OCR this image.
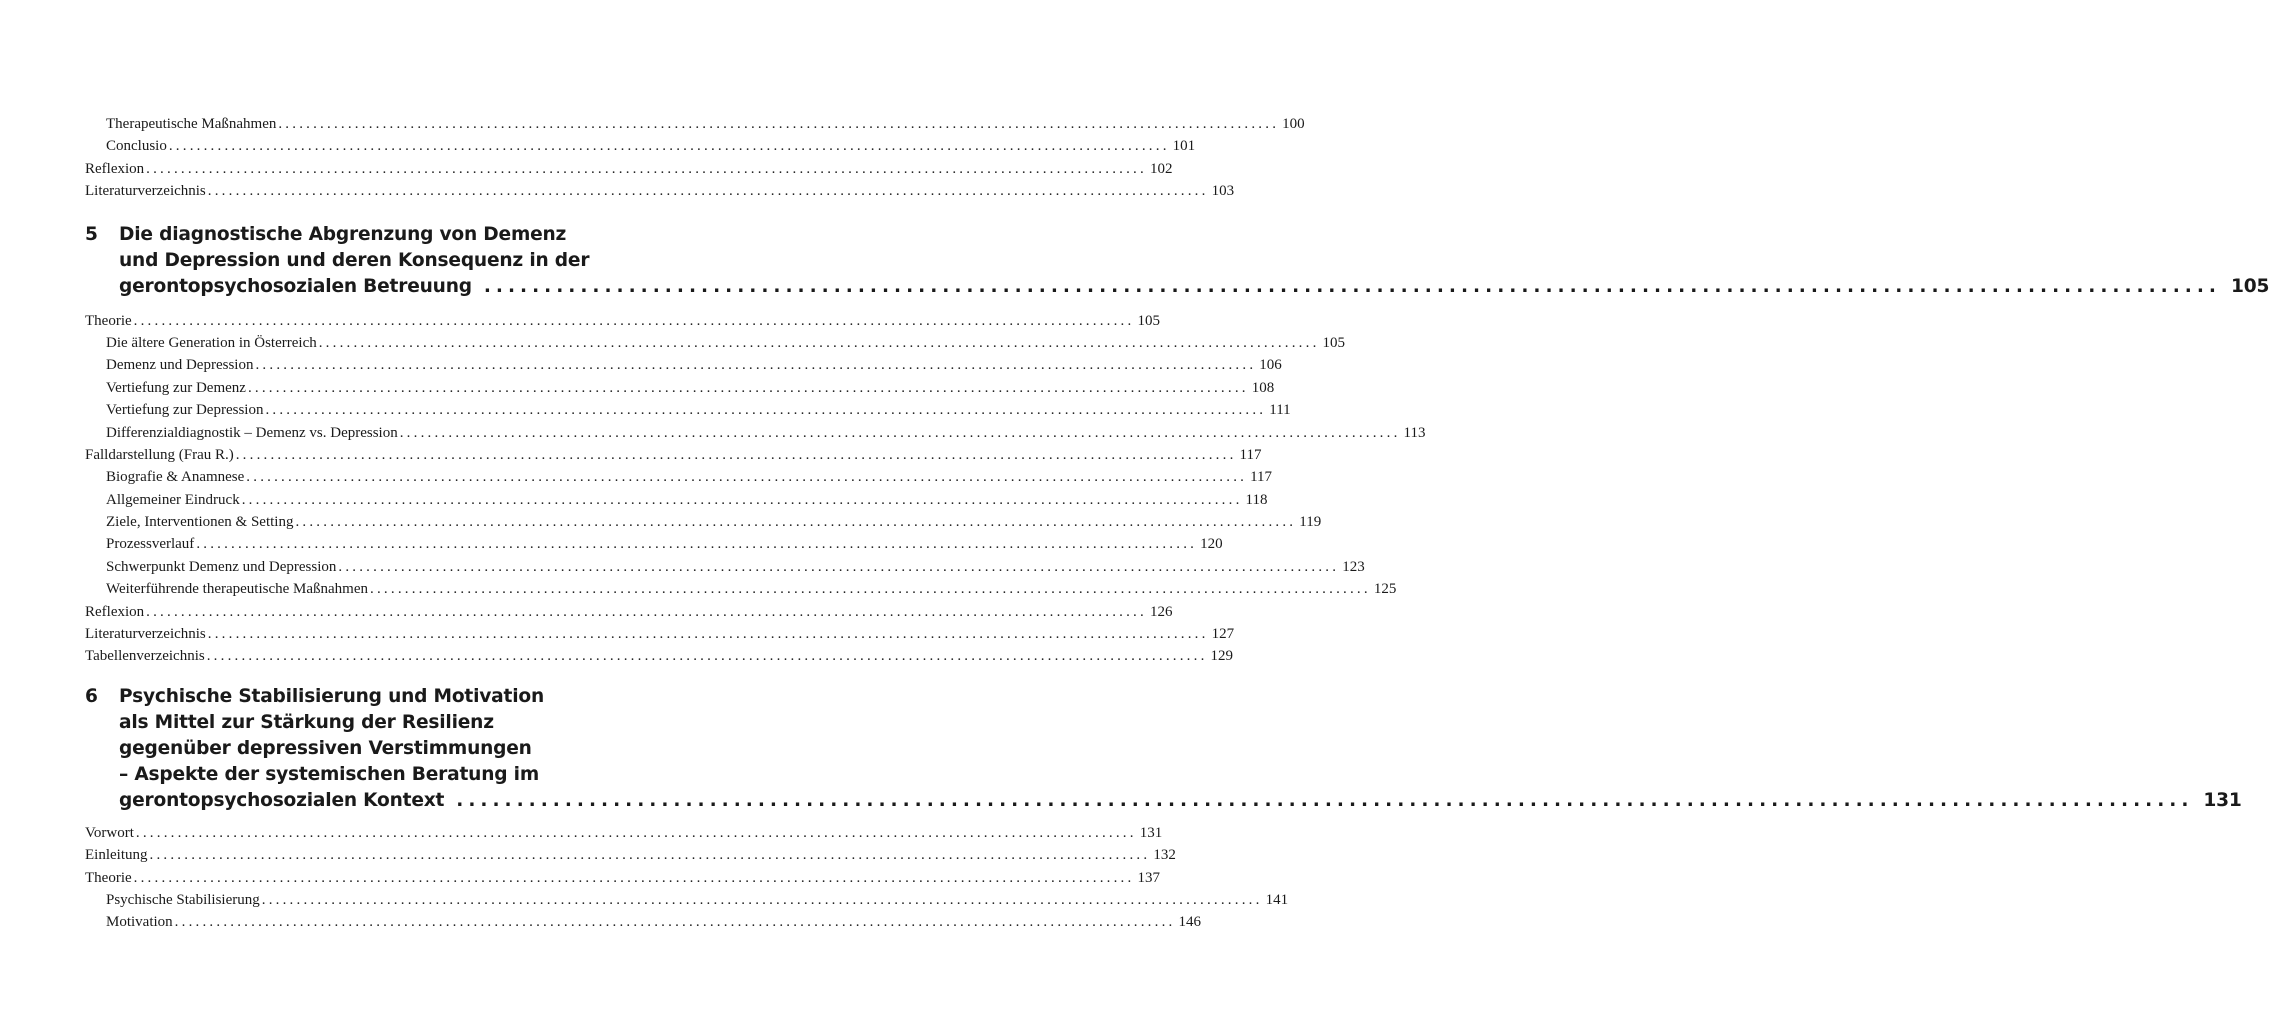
Therapeutische Maßnahmen ................................................................................................................................................ 100
Conclusio ................................................................................................................................................ 101
Reflexion ................................................................................................................................................ 102
Literaturverzeichnis ................................................................................................................................................ 103
5 Die diagnostische Abgrenzung von Demenz
und Depression und deren Konsequenz in der
gerontopsychosozialen Betreuung ................................................................................................................................................ 105
Theorie ................................................................................................................................................ 105
Die ältere Generation in Österreich ................................................................................................................................................ 105
Demenz und Depression ................................................................................................................................................ 106
Vertiefung zur Demenz ................................................................................................................................................ 108
Vertiefung zur Depression ................................................................................................................................................ 111
Differenzialdiagnostik – Demenz vs. Depression ................................................................................................................................................ 113
Falldarstellung (Frau R.) ................................................................................................................................................ 117
Biografie & Anamnese ................................................................................................................................................ 117
Allgemeiner Eindruck ................................................................................................................................................ 118
Ziele, Interventionen & Setting ................................................................................................................................................ 119
Prozessverlauf ................................................................................................................................................ 120
Schwerpunkt Demenz und Depression ................................................................................................................................................ 123
Weiterführende therapeutische Maßnahmen ................................................................................................................................................ 125
Reflexion ................................................................................................................................................ 126
Literaturverzeichnis ................................................................................................................................................ 127
Tabellenverzeichnis ................................................................................................................................................ 129
6 Psychische Stabilisierung und Motivation
als Mittel zur Stärkung der Resilienz
gegenüber depressiven Verstimmungen
– Aspekte der systemischen Beratung im
gerontopsychosozialen Kontext ................................................................................................................................................ 131
Vorwort ................................................................................................................................................ 131
Einleitung ................................................................................................................................................ 132
Theorie ................................................................................................................................................ 137
Psychische Stabilisierung ................................................................................................................................................ 141
Motivation ................................................................................................................................................ 146
